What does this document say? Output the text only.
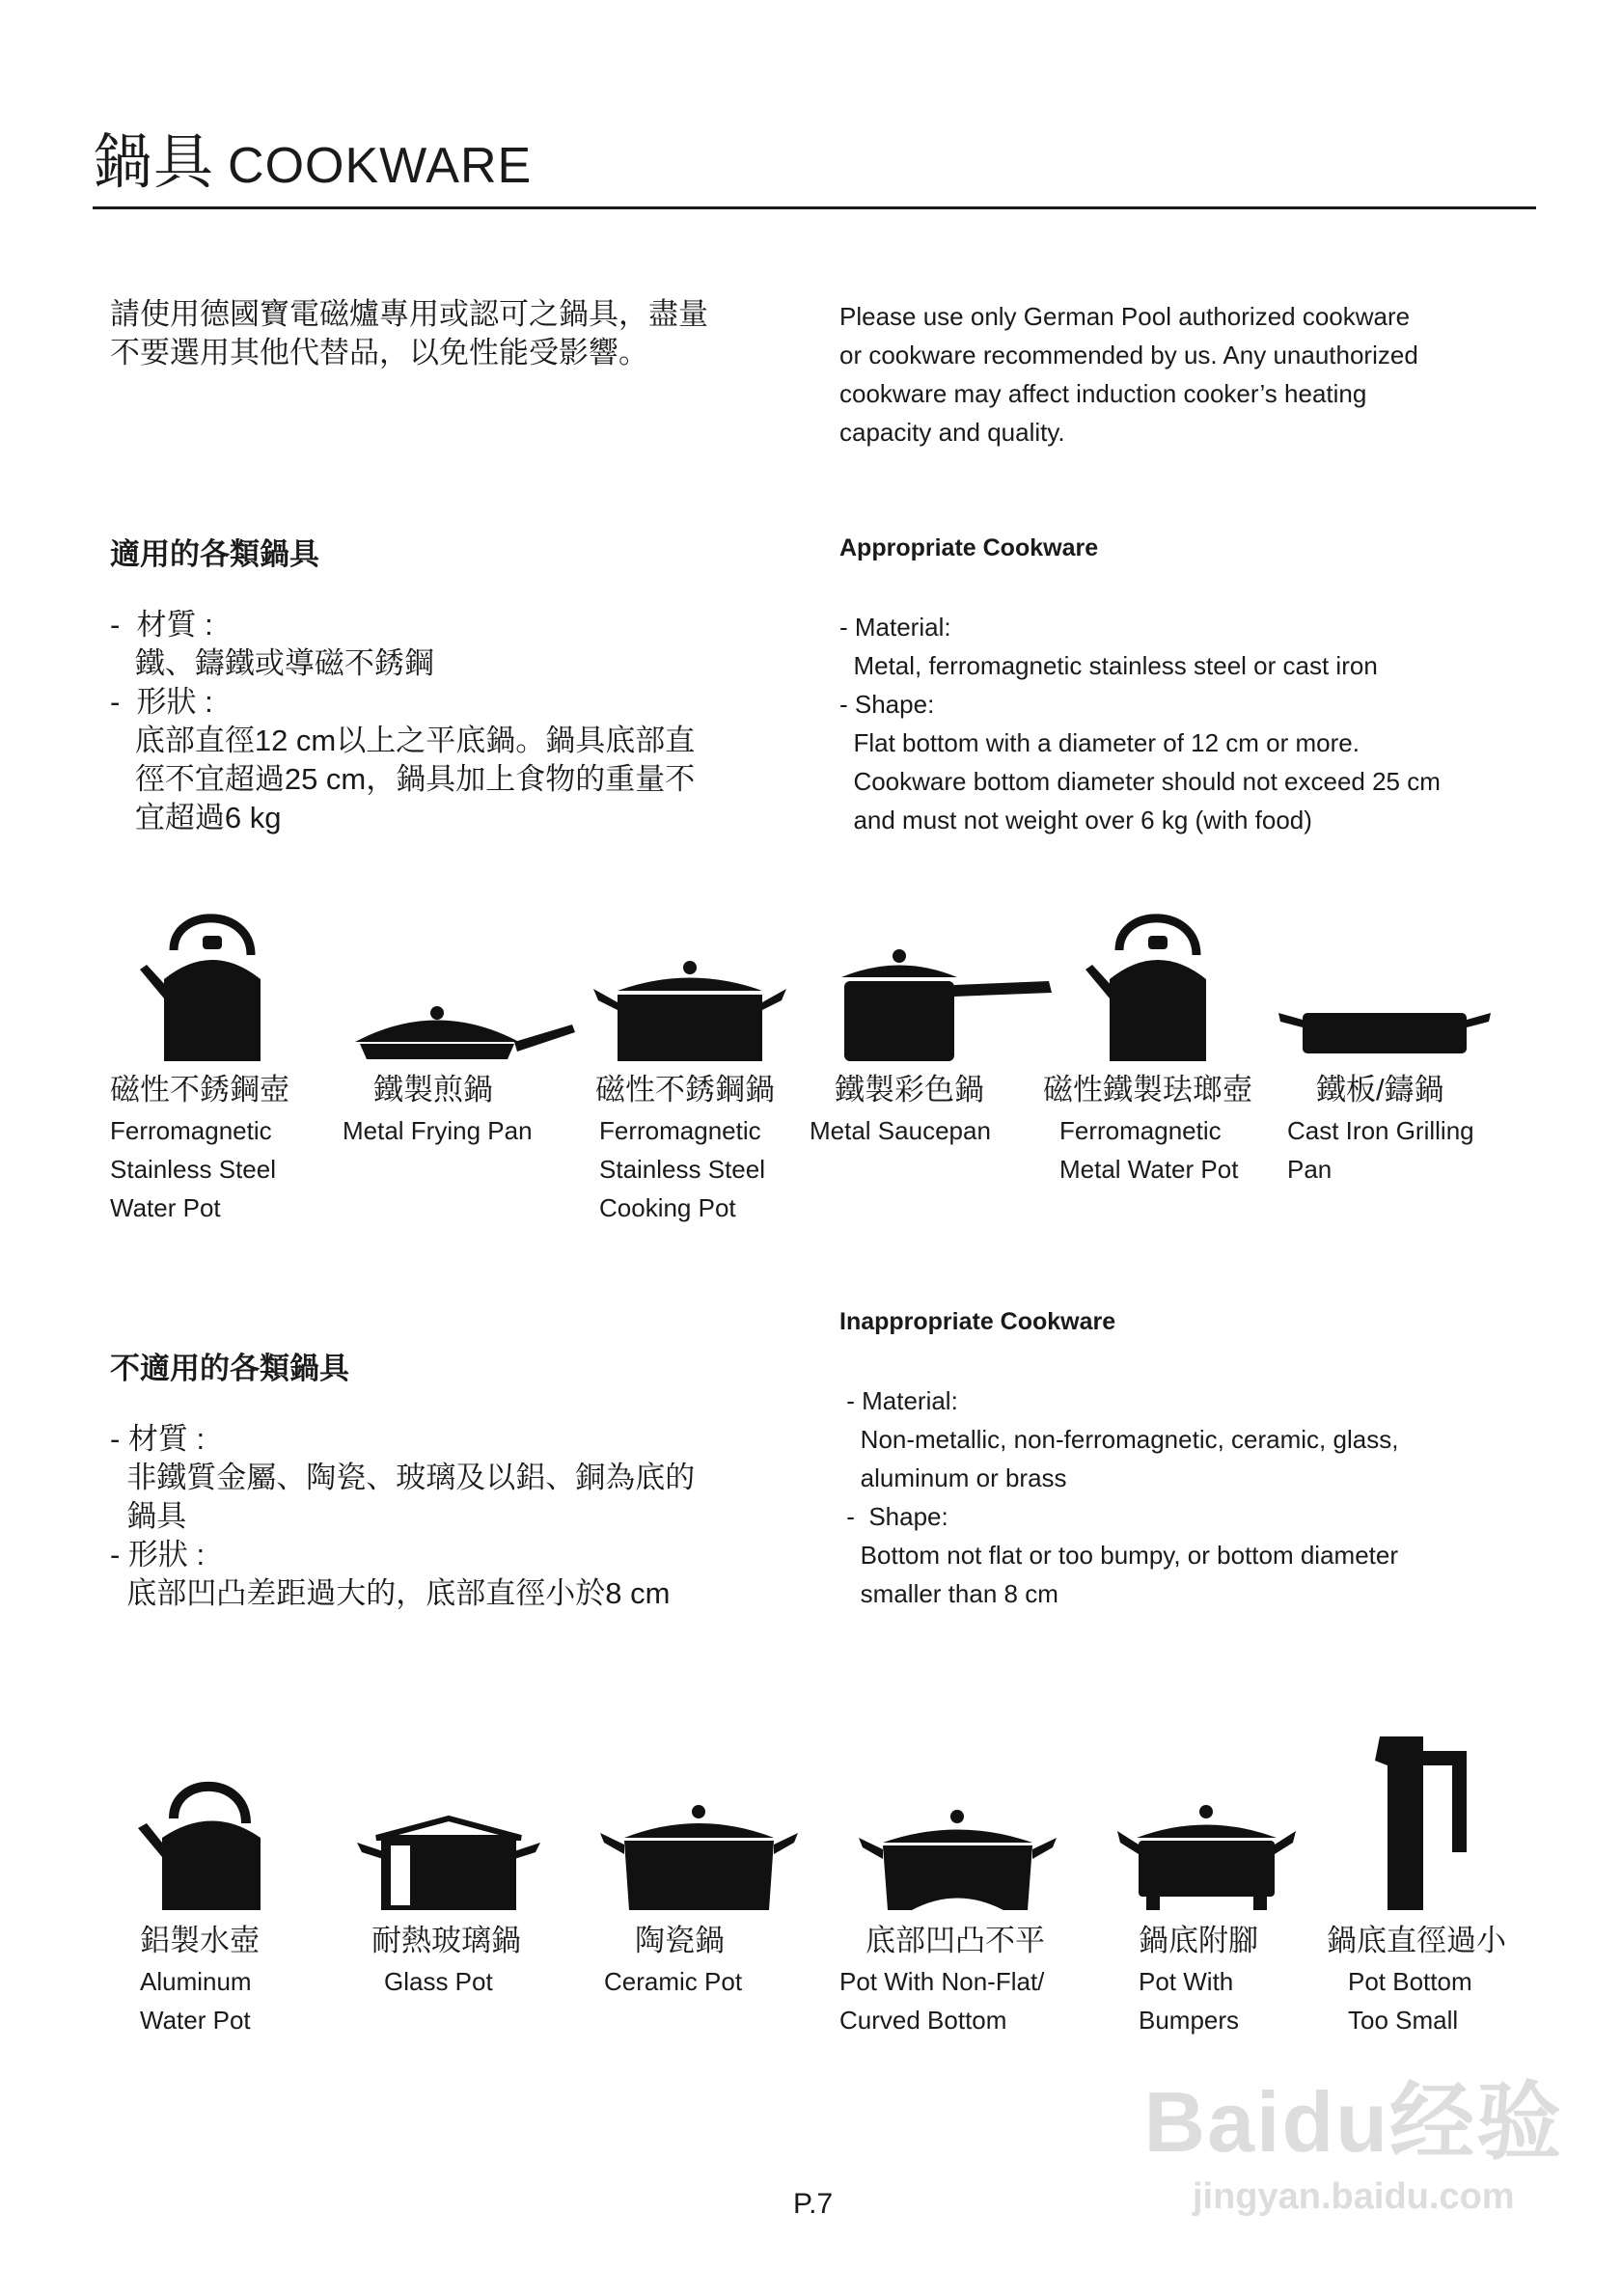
鍋具 COOKWARE
請使用德國寶電磁爐專用或認可之鍋具，盡量
不要選用其他代替品，以免性能受影響。
Please use only German Pool authorized cookware
or cookware recommended by us. Any unauthorized
cookware may affect induction cooker’s heating
capacity and quality.
適用的各類鍋具	Appropriate Cookware
-  材質 :
鐵、鑄鐵或導磁不銹鋼
-  形狀 :
底部直徑12 cm以上之平底鍋。鍋具底部直
徑不宜超過25 cm，鍋具加上食物的重量不
宜超過6 kg
- Material:
Metal, ferromagnetic stainless steel or cast iron
- Shape:
Flat bottom with a diameter of 12 cm or more.
Cookware bottom diameter should not exceed 25 cm
and must not weight over 6 kg (with food)
磁性不銹鋼壺
Ferromagnetic
Stainless Steel
Water Pot
鐵製煎鍋
Metal Frying Pan
磁性不銹鋼鍋
Ferromagnetic
Stainless Steel
Cooking Pot
鐵製彩色鍋
Metal Saucepan
磁性鐵製珐瑯壺
Ferromagnetic
Metal Water Pot
鐵板/鑄鍋
Cast Iron Grilling
Pan
Inappropriate Cookware
不適用的各類鍋具
- 材質 :
非鐵質金屬、陶瓷、玻璃及以鋁、銅為底的
鍋具
- 形狀 :
底部凹凸差距過大的，底部直徑小於8 cm
- Material:
Non-metallic, non-ferromagnetic, ceramic, glass,
aluminum or brass
-  Shape:
Bottom not flat or too bumpy, or bottom diameter
smaller than 8 cm
鋁製水壺
Aluminum
Water Pot
耐熱玻璃鍋
Glass Pot
陶瓷鍋
Ceramic Pot
底部凹凸不平
Pot With Non-Flat/
Curved Bottom
鍋底附腳
Pot With
Bumpers
鍋底直徑過小
Pot Bottom
Too Small
P.7
Baidu经验
jingyan.baidu.com
